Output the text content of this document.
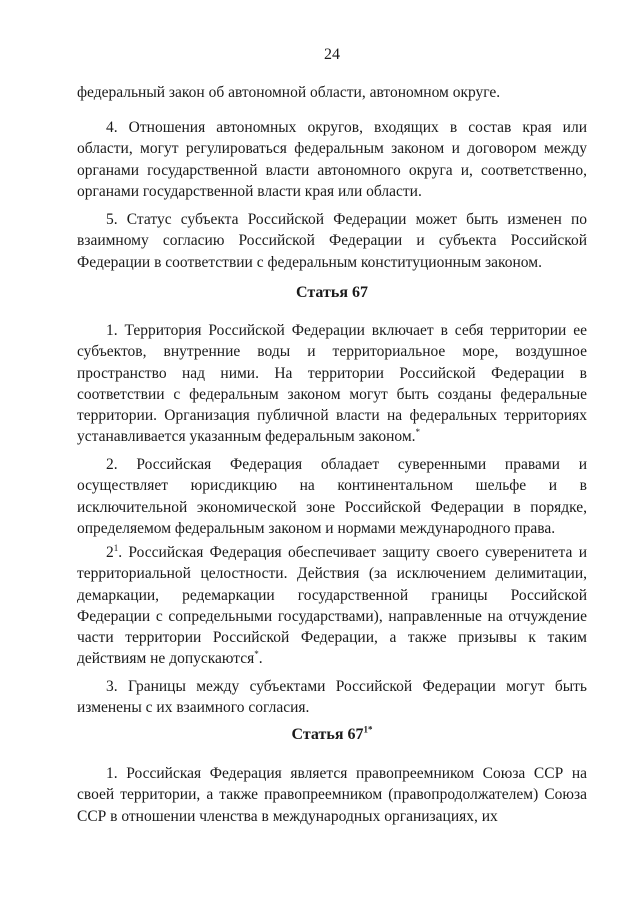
24

федеральный закон об автономной области, автономном округе.

4. Отношения автономных округов, входящих в состав края или области, могут регулироваться федеральным законом и договором между органами государственной власти автономного округа и, соответственно, органами государственной власти края или области.

5. Статус субъекта Российской Федерации может быть изменен по взаимному согласию Российской Федерации и субъекта Российской Федерации в соответствии с федеральным конституционным законом.

Статья 67

1. Территория Российской Федерации включает в себя территории ее субъектов, внутренние воды и территориальное море, воздушное пространство над ними. На территории Российской Федерации в соответствии с федеральным законом могут быть созданы федеральные территории. Организация публичной власти на федеральных территориях устанавливается указанным федеральным законом.*

2. Российская Федерация обладает суверенными правами и осуществляет юрисдикцию на континентальном шельфе и в исключительной экономической зоне Российской Федерации в порядке, определяемом федеральным законом и нормами международного права.

$2^1$. Российская Федерация обеспечивает защиту своего суверенитета и территориальной целостности. Действия (за исключением делимитации, демаркации, редемаркации государственной границы Российской Федерации с сопредельными государствами), направленные на отчуждение части территории Российской Федерации, а также призывы к таким действиям не допускаются*.

3. Границы между субъектами Российской Федерации могут быть изменены с их взаимного согласия.

Статья $67^{1*}$

1. Российская Федерация является правопреемником Союза ССР на своей территории, а также правопреемником (правопродолжателем) Союза ССР в отношении членства в международных организациях, их
